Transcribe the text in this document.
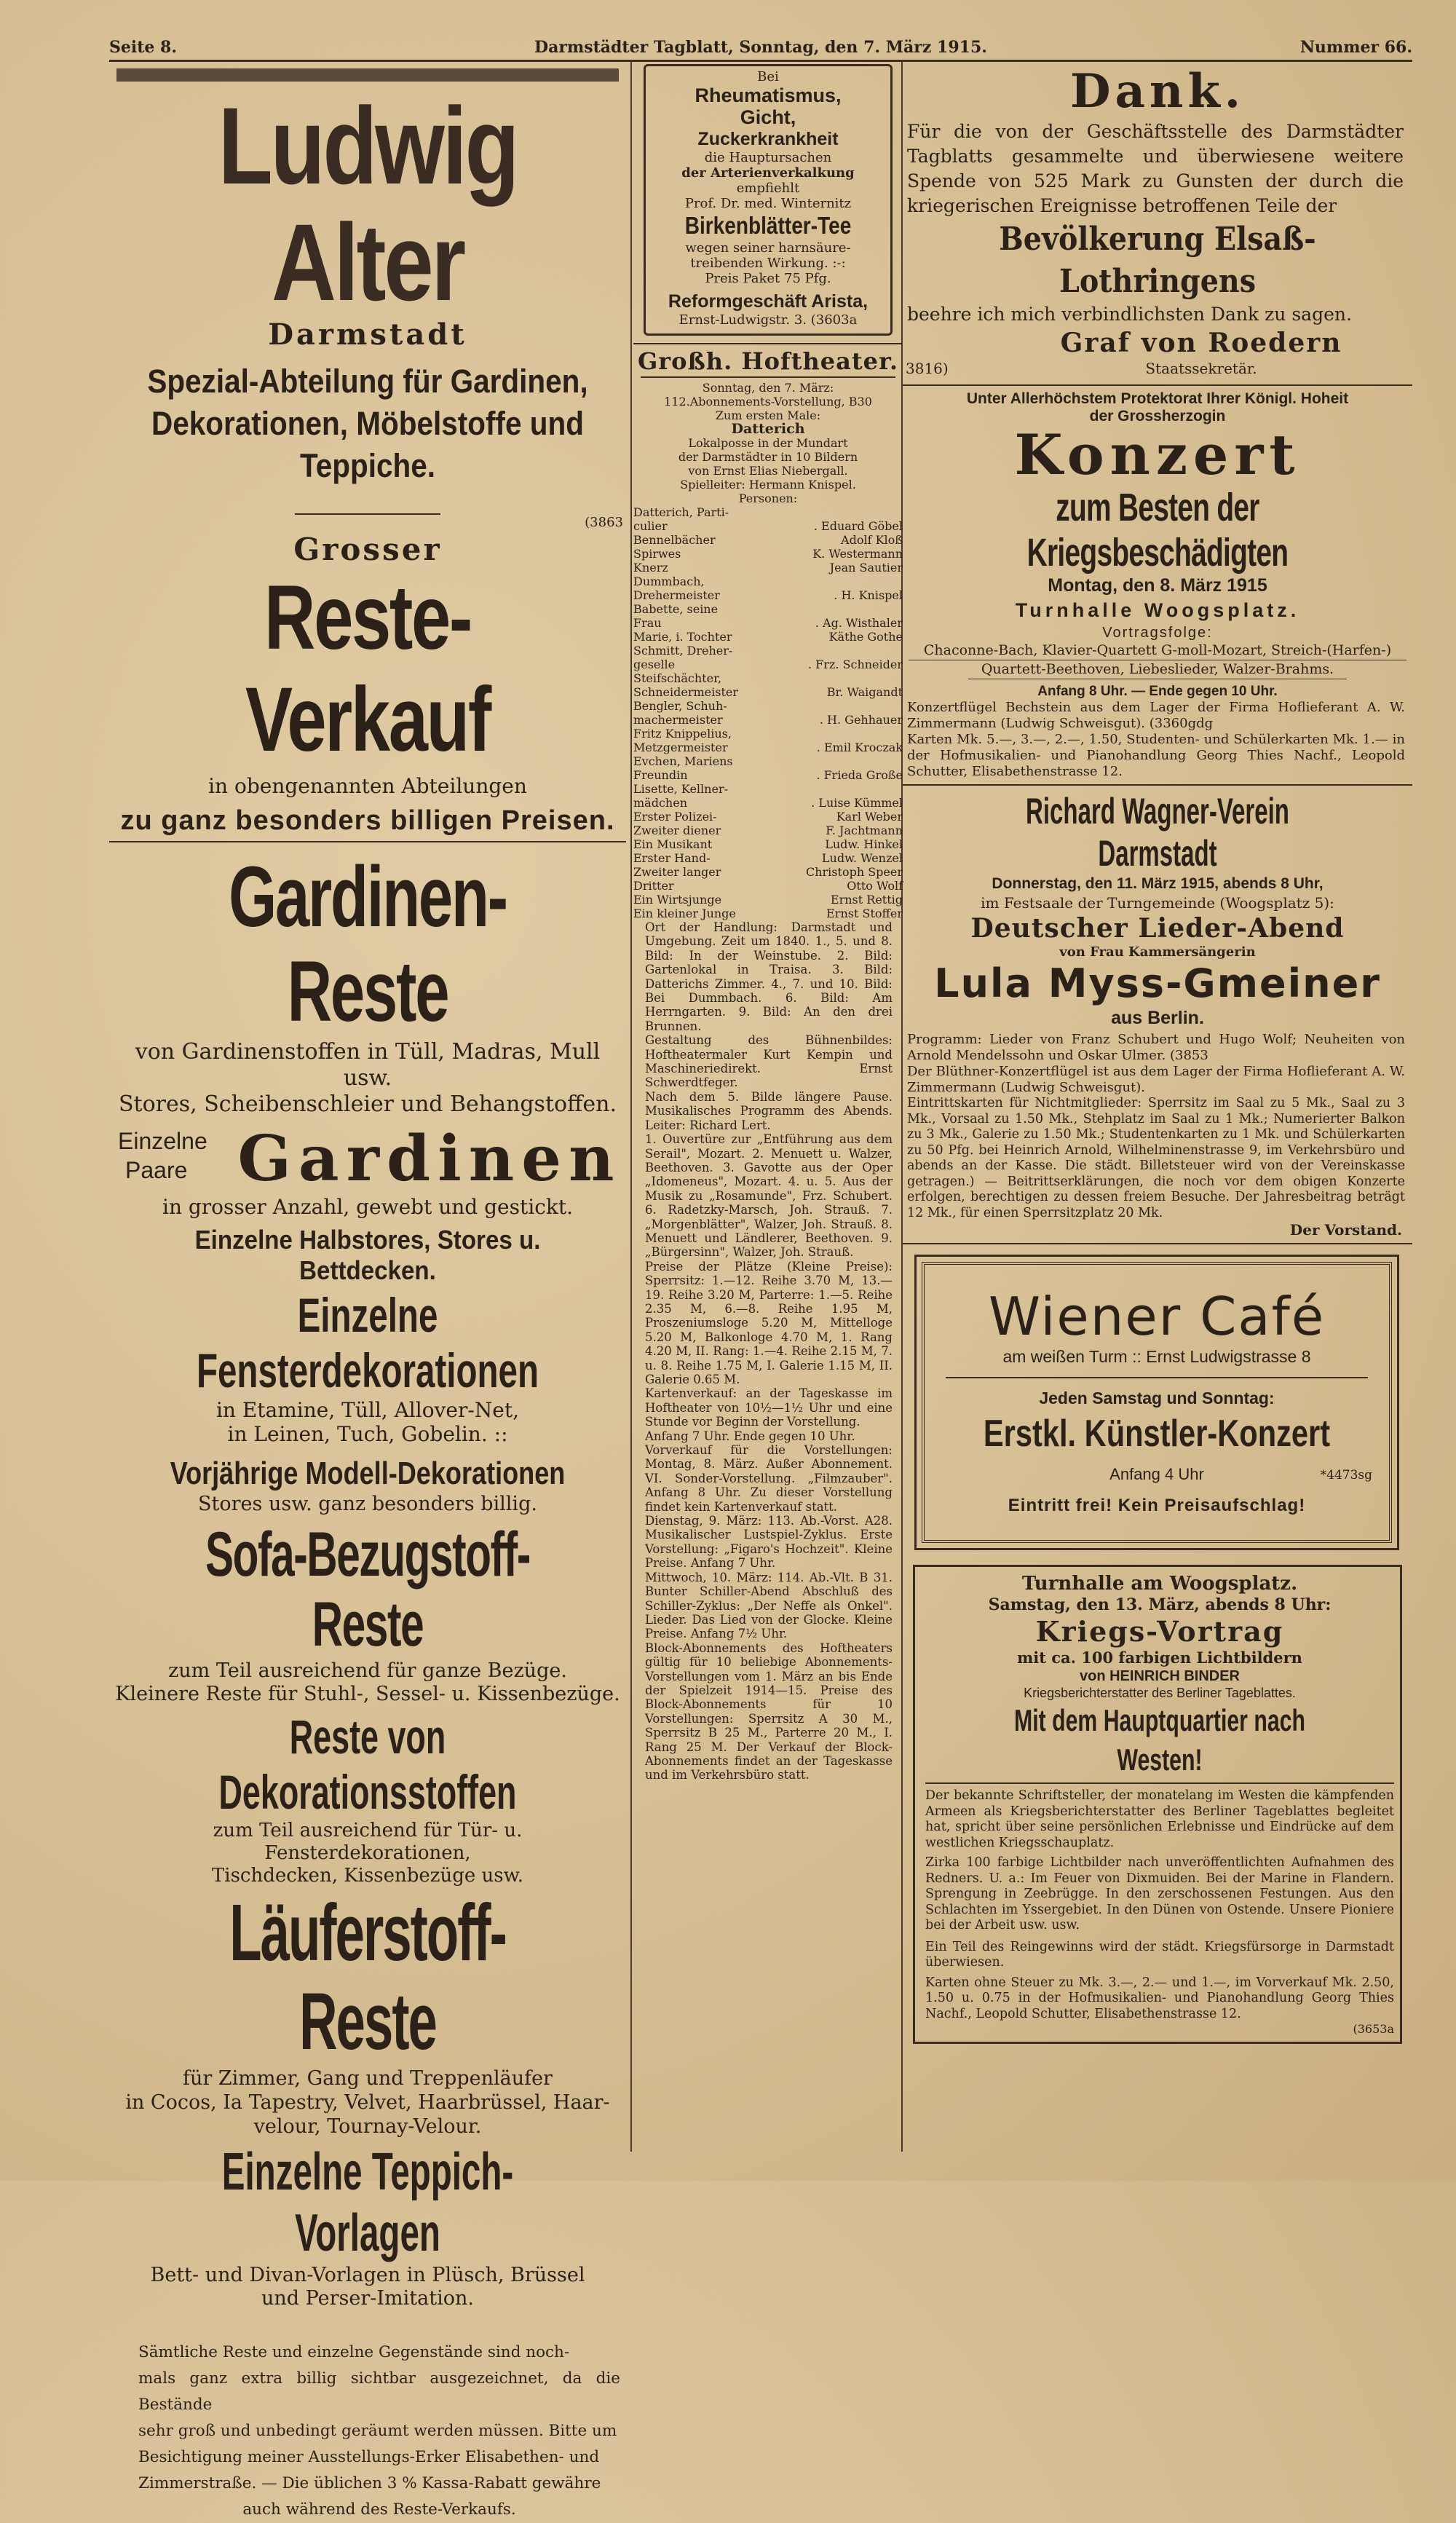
Seite 8.	Darmstädter Tagblatt, Sonntag, den 7. März 1915.	Nummer 66.
Ludwig Alter
Darmstadt
Spezial-Abteilung für Gardinen,
Dekorationen, Möbelstoffe und
Teppiche.
(3863
Grosser
Reste-Verkauf
in obengenannten Abteilungen
zu ganz besonders billigen Preisen.
Gardinen-Reste
von Gardinenstoffen in Tüll, Madras, Mull usw.
Stores, Scheibenschleier und Behangstoffen.
Einzelne
Paare Gardinen
in grosser Anzahl, gewebt und gestickt.
Einzelne Halbstores, Stores u. Bettdecken.
Einzelne Fensterdekorationen
in Etamine, Tüll, Allover-Net,
in Leinen, Tuch, Gobelin. ::
Vorjährige Modell-Dekorationen
Stores usw. ganz besonders billig.
Sofa-Bezugstoff-Reste
zum Teil ausreichend für ganze Bezüge.
Kleinere Reste für Stuhl-, Sessel- u. Kissenbezüge.
Reste von Dekorationsstoffen
zum Teil ausreichend für Tür- u. Fensterdekorationen,
Tischdecken, Kissenbezüge usw.
Läuferstoff-Reste
für Zimmer, Gang und Treppenläufer
in Cocos, Ia Tapestry, Velvet, Haarbrüssel, Haar-
velour, Tournay-Velour.
Einzelne Teppich-Vorlagen
Bett- und Divan-Vorlagen in Plüsch, Brüssel
und Perser-Imitation.
Sämtliche Reste und einzelne Gegenstände sind noch-
mals ganz extra billig sichtbar ausgezeichnet, da die Bestände
sehr groß und unbedingt geräumt werden müssen. Bitte um
Besichtigung meiner Ausstellungs-Erker Elisabethen- und
Zimmerstraße. — Die üblichen 3 % Kassa-Rabatt gewähre
auch während des Reste-Verkaufs.
Bei
Rheumatismus,
Gicht,
Zuckerkrankheit
die Hauptursachen
der Arterienverkalkung
empfiehlt
Prof. Dr. med. Winternitz
Birkenblätter-Tee
wegen seiner harnsäure-
treibenden Wirkung. :-:
Preis Paket 75 Pfg.
Reformgeschäft Arista,
Ernst-Ludwigstr. 3. (3603a
Großh. Hoftheater.
Sonntag, den 7. März:
112.Abonnements-Vorstellung, B30
Zum ersten Male:
Datterich
Lokalposse in der Mundart
der Darmstädter in 10 Bildern
von Ernst Elias Niebergall.
Spielleiter: Hermann Knispel.
Personen:
Datterich, Parti-	
culier	. Eduard Göbel
Bennelbächer	Adolf Kloß
Spirwes	K. Westermann
Knerz	Jean Sautier
Dummbach,	
Drehermeister	. H. Knispel
Babette, seine	
Frau	. Ag. Wisthaler
Marie, i. Tochter	Käthe Gothe
Schmitt, Dreher-	
geselle	. Frz. Schneider
Steifschächter,	
Schneidermeister	Br. Waigandt
Bengler, Schuh-	
machermeister	. H. Gehhauer
Fritz Knippelius,	
Metzgermeister	. Emil Kroczak
Evchen, Mariens	
Freundin	. Frieda Große
Lisette, Kellner-	
mädchen	. Luise Kümmel
Erster Polizei-	Karl Weber
Zweiter diener	F. Jachtmann
Ein Musikant	Ludw. Hinkel
Erster Hand-	Ludw. Wenzel
Zweiter langer	Christoph Speer
Dritter	Otto Wolf
Ein Wirtsjunge	Ernst Rettig
Ein kleiner Junge	Ernst Stoffer

Ort der Handlung: Darmstadt und Umgebung. Zeit um 1840. 1., 5. und 8. Bild: In der Weinstube. 2. Bild: Gartenlokal in Traisa. 3. Bild: Datterichs Zimmer. 4., 7. und 10. Bild: Bei Dummbach. 6. Bild: Am Herrngarten. 9. Bild: An den drei Brunnen.

Gestaltung des Bühnenbildes: Hoftheatermaler Kurt Kempin und Maschineriedirekt. Ernst Schwerdtfeger.

Nach dem 5. Bilde längere Pause. Musikalisches Programm des Abends. Leiter: Richard Lert.

1. Ouvertüre zur „Entführung aus dem Serail", Mozart. 2. Menuett u. Walzer, Beethoven. 3. Gavotte aus der Oper „Idomeneus", Mozart. 4. u. 5. Aus der Musik zu „Rosamunde", Frz. Schubert. 6. Radetzky-Marsch, Joh. Strauß. 7. „Morgenblätter", Walzer, Joh. Strauß. 8. Menuett und Ländlerer, Beethoven. 9. „Bürgersinn", Walzer, Joh. Strauß.

Preise der Plätze (Kleine Preise): Sperrsitz: 1.—12. Reihe 3.70 M, 13.—19. Reihe 3.20 M, Parterre: 1.—5. Reihe 2.35 M, 6.—8. Reihe 1.95 M, Proszeniumsloge 5.20 M, Mittelloge 5.20 M, Balkonloge 4.70 M, 1. Rang 4.20 M, II. Rang: 1.—4. Reihe 2.15 M, 7. u. 8. Reihe 1.75 M, I. Galerie 1.15 M, II. Galerie 0.65 M.

Kartenverkauf: an der Tageskasse im Hoftheater von 10½—1½ Uhr und eine Stunde vor Beginn der Vorstellung.

Anfang 7 Uhr. Ende gegen 10 Uhr.

Vorverkauf für die Vorstellungen: Montag, 8. März. Außer Abonnement. VI. Sonder-Vorstellung. „Filmzauber". Anfang 8 Uhr. Zu dieser Vorstellung findet kein Kartenverkauf statt.

Dienstag, 9. März: 113. Ab.-Vorst. A28. Musikalischer Lustspiel-Zyklus. Erste Vorstellung: „Figaro's Hochzeit". Kleine Preise. Anfang 7 Uhr.

Mittwoch, 10. März: 114. Ab.-Vlt. B 31. Bunter Schiller-Abend Abschluß des Schiller-Zyklus: „Der Neffe als Onkel". Lieder. Das Lied von der Glocke. Kleine Preise. Anfang 7½ Uhr.

Block-Abonnements des Hoftheaters gültig für 10 beliebige Abonnements-Vorstellungen vom 1. März an bis Ende der Spielzeit 1914—15. Preise des Block-Abonnements für 10 Vorstellungen: Sperrsitz A 30 M., Sperrsitz B 25 M., Parterre 20 M., I. Rang 25 M. Der Verkauf der Block-Abonnements findet an der Tageskasse und im Verkehrsbüro statt.

Dank.
Für die von der Geschäftsstelle des Darmstädter Tagblatts gesammelte und überwiesene weitere Spende von 525 Mark zu Gunsten der durch die kriegerischen Ereignisse betroffenen Teile der
Bevölkerung Elsaß-Lothringens
beehre ich mich verbindlichsten Dank zu sagen.
Graf von Roedern
3816)	Staatssekretär.
Unter Allerhöchstem Protektorat Ihrer Königl. Hoheit
der Grossherzogin
Konzert
zum Besten der Kriegsbeschädigten
Montag, den 8. März 1915
Turnhalle Woogsplatz.
Vortragsfolge:
Chaconne-Bach, Klavier-Quartett G-moll-Mozart, Streich-(Harfen-)
Quartett-Beethoven, Liebeslieder, Walzer-Brahms.
Anfang 8 Uhr. — Ende gegen 10 Uhr.
Konzertflügel Bechstein aus dem Lager der Firma Hoflieferant A. W. Zimmermann (Ludwig Schweisgut). (3360gdg
Karten Mk. 5.—, 3.—, 2.—, 1.50, Studenten- und Schülerkarten Mk. 1.— in der Hofmusikalien- und Pianohandlung Georg Thies Nachf., Leopold Schutter, Elisabethenstrasse 12.
Richard Wagner-Verein Darmstadt
Donnerstag, den 11. März 1915, abends 8 Uhr,
im Festsaale der Turngemeinde (Woogsplatz 5):
Deutscher Lieder-Abend
von Frau Kammersängerin
Lula Myss-Gmeiner
aus Berlin.
Programm: Lieder von Franz Schubert und Hugo Wolf; Neuheiten von Arnold Mendelssohn und Oskar Ulmer. (3853
Der Blüthner-Konzertflügel ist aus dem Lager der Firma Hoflieferant A. W. Zimmermann (Ludwig Schweisgut).
Eintrittskarten für Nichtmitglieder: Sperrsitz im Saal zu 5 Mk., Saal zu 3 Mk., Vorsaal zu 1.50 Mk., Stehplatz im Saal zu 1 Mk.; Numerierter Balkon zu 3 Mk., Galerie zu 1.50 Mk.; Studentenkarten zu 1 Mk. und Schülerkarten zu 50 Pfg. bei Heinrich Arnold, Wilhelminenstrasse 9, im Verkehrsbüro und abends an der Kasse. Die städt. Billetsteuer wird von der Vereinskasse getragen.) — Beitrittserklärungen, die noch vor dem obigen Konzerte erfolgen, berechtigen zu dessen freiem Besuche. Der Jahresbeitrag beträgt 12 Mk., für einen Sperrsitzplatz 20 Mk.
Der Vorstand.
Wiener Café
am weißen Turm :: Ernst Ludwigstrasse 8
Jeden Samstag und Sonntag:
Erstkl. Künstler-Konzert
Anfang 4 Uhr	*4473sg
Eintritt frei! Kein Preisaufschlag!
Turnhalle am Woogsplatz.
Samstag, den 13. März, abends 8 Uhr:
Kriegs-Vortrag
mit ca. 100 farbigen Lichtbildern
von HEINRICH BINDER
Kriegsberichterstatter des Berliner Tageblattes.
Mit dem Hauptquartier nach Westen!
Der bekannte Schriftsteller, der monatelang im Westen die kämpfenden Armeen als Kriegsberichterstatter des Berliner Tageblattes begleitet hat, spricht über seine persönlichen Erlebnisse und Eindrücke auf dem westlichen Kriegsschauplatz.
Zirka 100 farbige Lichtbilder nach unveröffentlichten Aufnahmen des Redners. U. a.: Im Feuer von Dixmuiden. Bei der Marine in Flandern. Sprengung in Zeebrügge. In den zerschossenen Festungen. Aus den Schlachten im Yssergebiet. In den Dünen von Ostende. Unsere Pioniere bei der Arbeit usw. usw.
Ein Teil des Reingewinns wird der städt. Kriegsfürsorge in Darmstadt überwiesen.
Karten ohne Steuer zu Mk. 3.—, 2.— und 1.—, im Vorverkauf Mk. 2.50, 1.50 u. 0.75 in der Hofmusikalien- und Pianohandlung Georg Thies Nachf., Leopold Schutter, Elisabethenstrasse 12.
(3653a
